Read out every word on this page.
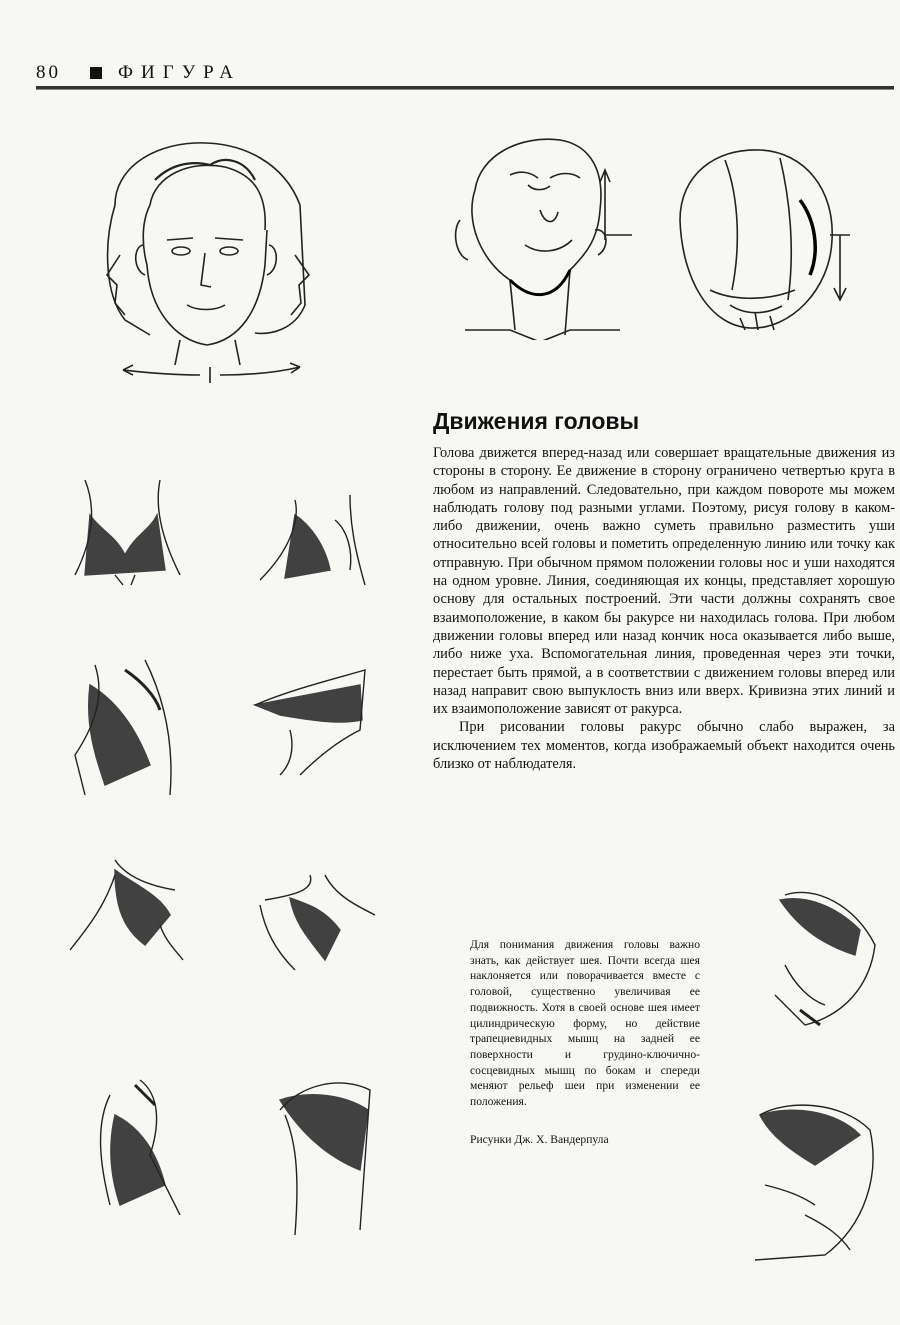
80	ФИГУРА
Движения головы

Голова движется вперед-назад или совершает вращательные движения из стороны в сторону. Ее движение в сторону ограничено четвертью круга в любом из направлений. Следовательно, при каждом повороте мы можем наблюдать голову под разными углами. Поэтому, рисуя голову в каком-либо движении, очень важно суметь правильно разместить уши относительно всей головы и пометить определенную линию или точку как отправную. При обычном прямом положении головы нос и уши находятся на одном уровне. Линия, соединяющая их концы, представляет хорошую основу для остальных построений. Эти части должны сохранять свое взаимоположение, в каком бы ракурсе ни находилась голова. При любом движении головы вперед или назад кончик носа оказывается либо выше, либо ниже уха. Вспомогательная линия, проведенная через эти точки, перестает быть прямой, а в соответствии с движением головы вперед или назад направит свою выпуклость вниз или вверх. Кривизна этих линий и их взаимоположение зависят от ракурса.

При рисовании головы ракурс обычно слабо выражен, за исключением тех моментов, когда изображаемый объект находится очень близко от наблюдателя.

Для понимания движения головы важно знать, как действует шея. Почти всегда шея наклоняется или поворачивается вместе с головой, существенно увеличивая ее подвижность. Хотя в своей основе шея имеет цилиндрическую форму, но действие трапециевидных мышц на задней ее поверхности и грудино-ключично-сосцевидных мышц по бокам и спереди меняют рельеф шеи при изменении ее положения.

Рисунки Дж. Х. Вандерпула
